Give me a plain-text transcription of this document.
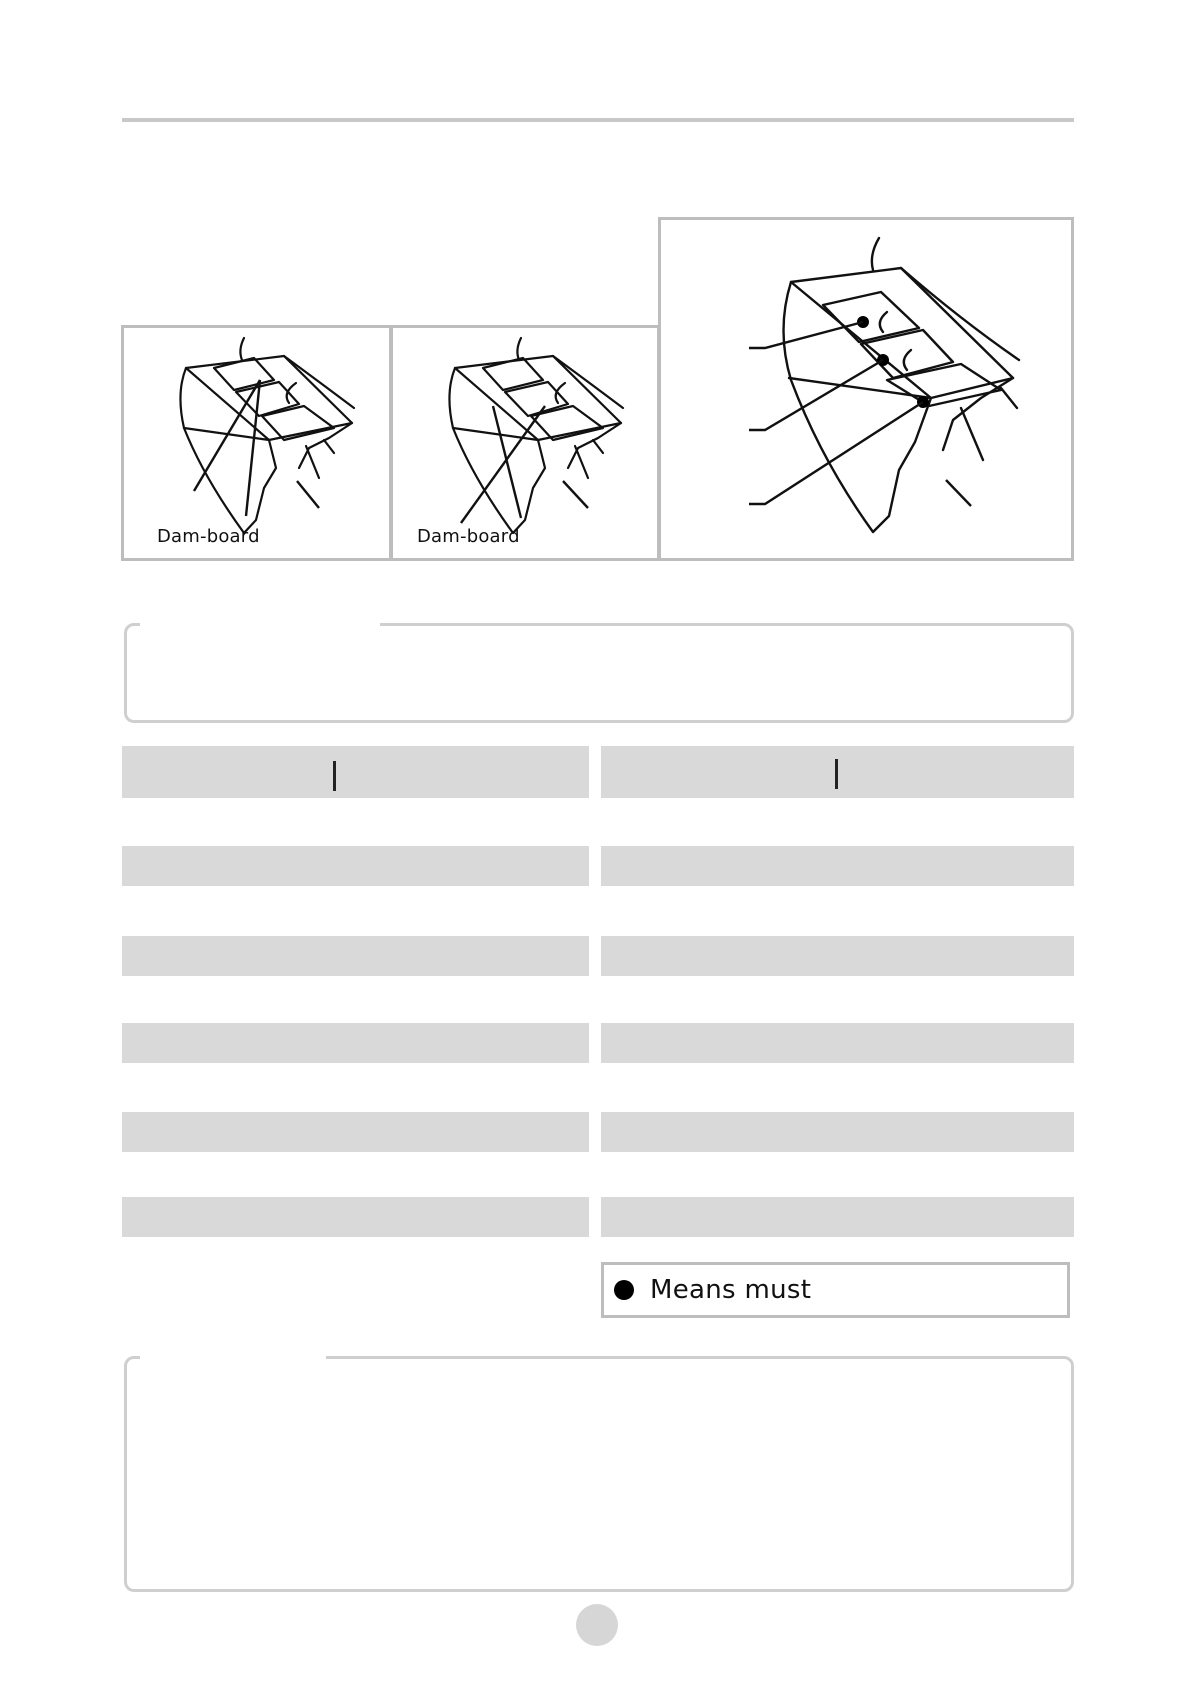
Dam-board	Dam-board
Means must
